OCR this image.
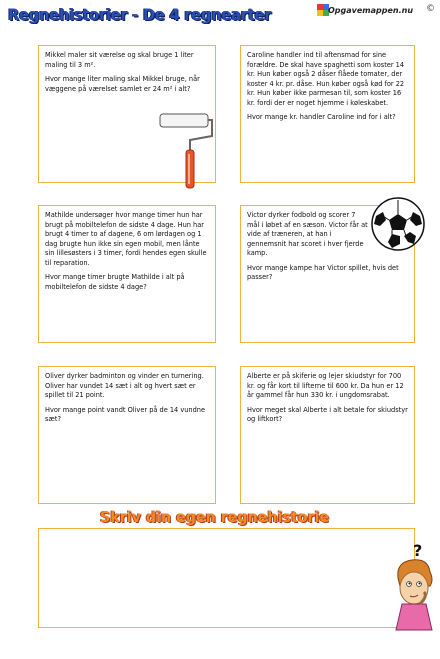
Regnehistorier - De 4 regnearter	Opgavemappen.nu ©

Mikkel maler sit værelse og skal bruge 1 liter maling til 3 m².

Hvor mange liter maling skal Mikkel bruge, når væggene på værelset samlet er 24 m² i alt?

Caroline handler ind til aftensmad for sine forældre. De skal have spaghetti som koster 14 kr. Hun køber også 2 dåser flåede tomater, der koster 4 kr. pr. dåse. Hun køber også kød for 22 kr. Hun køber ikke parmesan til, som koster 16 kr. fordi der er noget hjemme i køleskabet.

Hvor mange kr. handler Caroline ind for i alt?

Mathilde undersøger hvor mange timer hun har brugt på mobiltelefon de sidste 4 dage. Hun har brugt 4 timer to af dagene, 6 om lørdagen og 1 dag brugte hun ikke sin egen mobil, men lånte sin lillesøsters i 3 timer, fordi hendes egen skulle til reparation.

Hvor mange timer brugte Mathilde i alt på mobiltelefon de sidste 4 dage?

Victor dyrker fodbold og scorer 7 mål i løbet af en sæson. Victor får at vide af træneren, at han i gennemsnit har scoret i hver fjerde kamp.

Hvor mange kampe har Victor spillet, hvis det passer?

Oliver dyrker badminton og vinder en turnering. Oliver har vundet 14 sæt i alt og hvert sæt er spillet til 21 point.

Hvor mange point vandt Oliver på de 14 vundne sæt?

Alberte er på skiferie og lejer skiudstyr for 700 kr. og får kort til lifterne til 600 kr. Da hun er 12 år gammel får hun 330 kr. i ungdomsrabat.

Hvor meget skal Alberte i alt betale for skiudstyr og liftkort?

Skriv din egen regnehistorie
?
